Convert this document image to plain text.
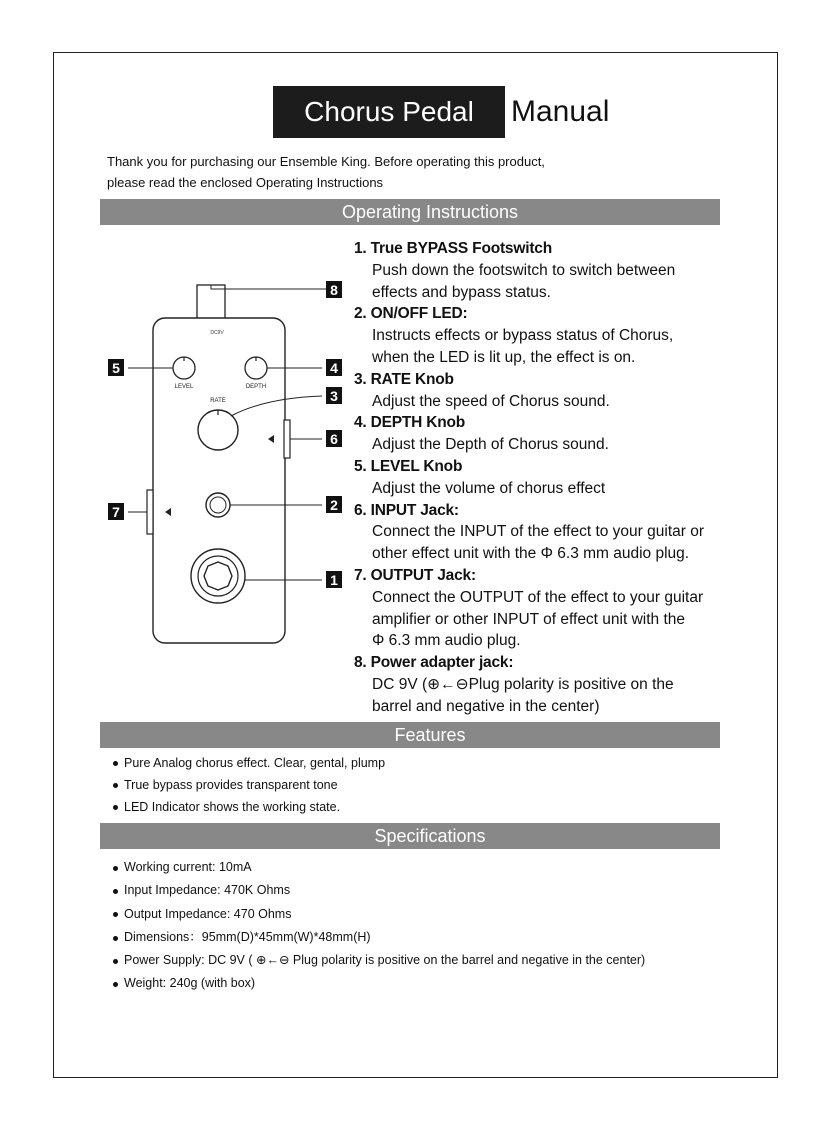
Chorus Pedal	Manual
Thank you for purchasing our Ensemble King. Before operating this product,
please read the enclosed Operating Instructions
Operating Instructions
DC9V
LEVEL	DEPTH
RATE
8
5	4
3
6
7	2
1
1. True BYPASS Footswitch
Push down the footswitch to switch between
effects and bypass status.
2. ON/OFF LED:
Instructs effects or bypass status of Chorus,
when the LED is lit up, the effect is on.
3. RATE Knob
Adjust the speed of Chorus sound.
4. DEPTH Knob
Adjust the Depth of Chorus sound.
5. LEVEL Knob
Adjust the volume of chorus effect
6. INPUT Jack:
Connect the INPUT of the effect to your guitar or
other effect unit with the Φ 6.3 mm audio plug.
7. OUTPUT Jack:
Connect the OUTPUT of the effect to your guitar
amplifier or other INPUT of effect unit with the
Φ 6.3 mm audio plug.
8. Power adapter jack:
DC 9V (⊕←⊖Plug polarity is positive on the
barrel and negative in the center)
Features
Pure Analog chorus effect. Clear, gental, plump
True bypass provides transparent tone
LED Indicator shows the working state.
Specifications
Working current: 10mA
Input Impedance: 470K Ohms
Output Impedance: 470 Ohms
Dimensions：95mm(D)*45mm(W)*48mm(H)
Power Supply: DC 9V ( ⊕←⊖ Plug polarity is positive on the barrel and negative in the center)
Weight: 240g (with box)
